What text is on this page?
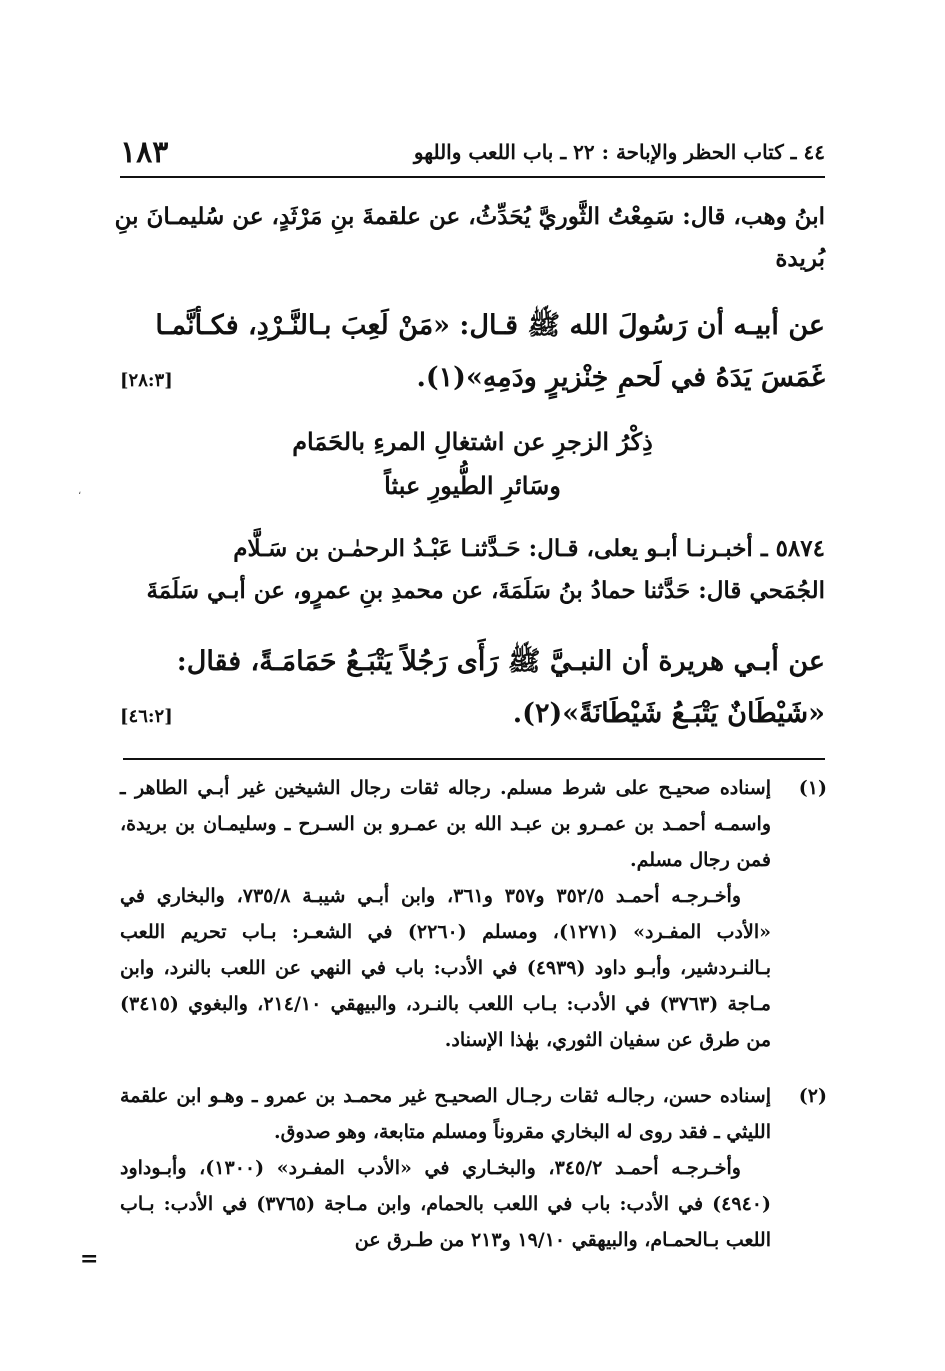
٤٤ ـ كتاب الحظر والإباحة : ٢٢ ـ باب اللعب واللهو
١٨٣
ابنُ وهب، قال: سَمِعْتُ الثَّوريَّ يُحَدِّثُ، عن علقمةَ بنِ مَرْثَدٍ، عن سُليمـانَ بنِ
بُريدة
عن أبيـه أن رَسُولَ الله ﷺ قـال: «مَنْ لَعِبَ بـالنَّـرْدِ، فكـأنَّمـا
غَمَسَ يَدَهُ في لَحمِ خِنْزيرٍ ودَمِهِ»(١).
[٢٨:٣]
ذِكْرُ الزجرِ عن اشتغالِ المرءِ بالحَمَام
وسَائرِ الطُّيورِ عبثاً
،
٥٨٧٤ ـ أخبـرنـا أبـو يعلى، قـال: حَـدَّثنـا عَبْـدُ الرحمٰـن بن سَـلَّام
الجُمَحي قال: حَدَّثنا حمادُ بنُ سَلَمَةَ، عن محمدِ بنِ عمرٍو، عن أبـي سَلَمَةَ
عن أبـي هريرة أن النبـيَّ ﷺ رَأَى رَجُلاً يَتْبَـعُ حَمَامَـةً، فقال:
«شَيْطَانٌ يَتْبَـعُ شَيْطَانَةً»(٢).
[٤٦:٢]
(١)
إسناده صحيـح على شرط مسلم. رجاله ثقات رجال الشيخين غير أبـي الطاهر ـ واسمـه أحمـد بن عمـرو بن عبـد الله بن عمـرو بن السـرح ـ وسليمـان بن بريدة، فمن رجال مسلم.
وأخـرجـه أحمـد ٣٥٢/٥ و٣٥٧ و٣٦١، وابن أبـي شيبـة ٧٣٥/٨، والبخاري في «الأدب المفـرد» (١٢٧١)، ومسلم (٢٢٦٠) في الشعـر: بـاب تحريم اللعب بـالنـردشير، وأبـو داود (٤٩٣٩) في الأدب: باب في النهي عن اللعب بالنرد، وابن مـاجة (٣٧٦٣) في الأدب: بـاب اللعب بالنـرد، والبيهقي ٢١٤/١٠، والبغوي (٣٤١٥) من طرق عن سفيان الثوري، بهٰذا الإسناد.
(٢)
إسناده حسن، رجالـه ثقات رجـال الصحيـح غير محمـد بن عمرو ـ وهـو ابن علقمة الليثي ـ فقد روى له البخاري مقروناً ومسلم متابعة، وهو صدوق.
وأخـرجـه أحمـد ٣٤٥/٢، والبخـاري في «الأدب المفـرد» (١٣٠٠)، وأبـوداود (٤٩٤٠) في الأدب: باب في اللعب بالحمام، وابن مـاجة (٣٧٦٥) في الأدب: بـاب اللعب بـالحمـام، والبيهقي ١٩/١٠ و٢١٣ من طـرق عن
=
